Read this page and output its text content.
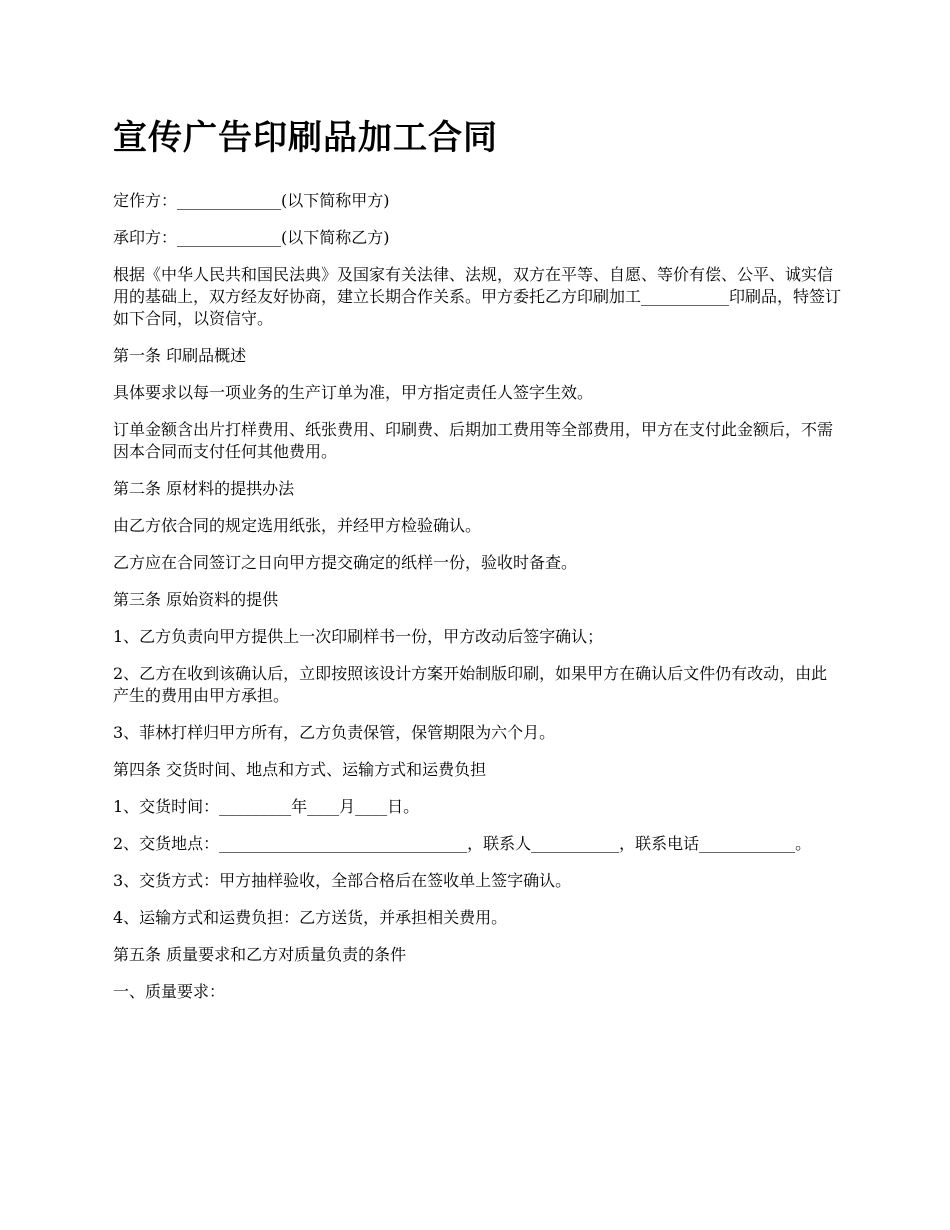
宣传广告印刷品加工合同

定作方：_____________(以下简称甲方)

承印方：_____________(以下简称乙方)

根据《中华人民共和国民法典》及国家有关法律、法规，双方在平等、自愿、等价有偿、公平、诚实信用的基础上，双方经友好协商，建立长期合作关系。甲方委托乙方印刷加工___________印刷品，特签订如下合同，以资信守。

第一条 印刷品概述

具体要求以每一项业务的生产订单为准，甲方指定责任人签字生效。

订单金额含出片打样费用、纸张费用、印刷费、后期加工费用等全部费用，甲方在支付此金额后，不需因本合同而支付任何其他费用。

第二条 原材料的提拱办法

由乙方依合同的规定选用纸张，并经甲方检验确认。

乙方应在合同签订之日向甲方提交确定的纸样一份，验收时备查。

第三条 原始资料的提供

1、乙方负责向甲方提供上一次印刷样书一份，甲方改动后签字确认；

2、乙方在收到该确认后，立即按照该设计方案开始制版印刷，如果甲方在确认后文件仍有改动，由此产生的费用由甲方承担。

3、菲林打样归甲方所有，乙方负责保管，保管期限为六个月。

第四条 交货时间、地点和方式、运输方式和运费负担

1、交货时间：_________年____月____日。

2、交货地点：_______________________________，联系人___________，联系电话____________。

3、交货方式：甲方抽样验收，全部合格后在签收单上签字确认。

4、运输方式和运费负担：乙方送货，并承担相关费用。

第五条 质量要求和乙方对质量负责的条件

一、质量要求：
